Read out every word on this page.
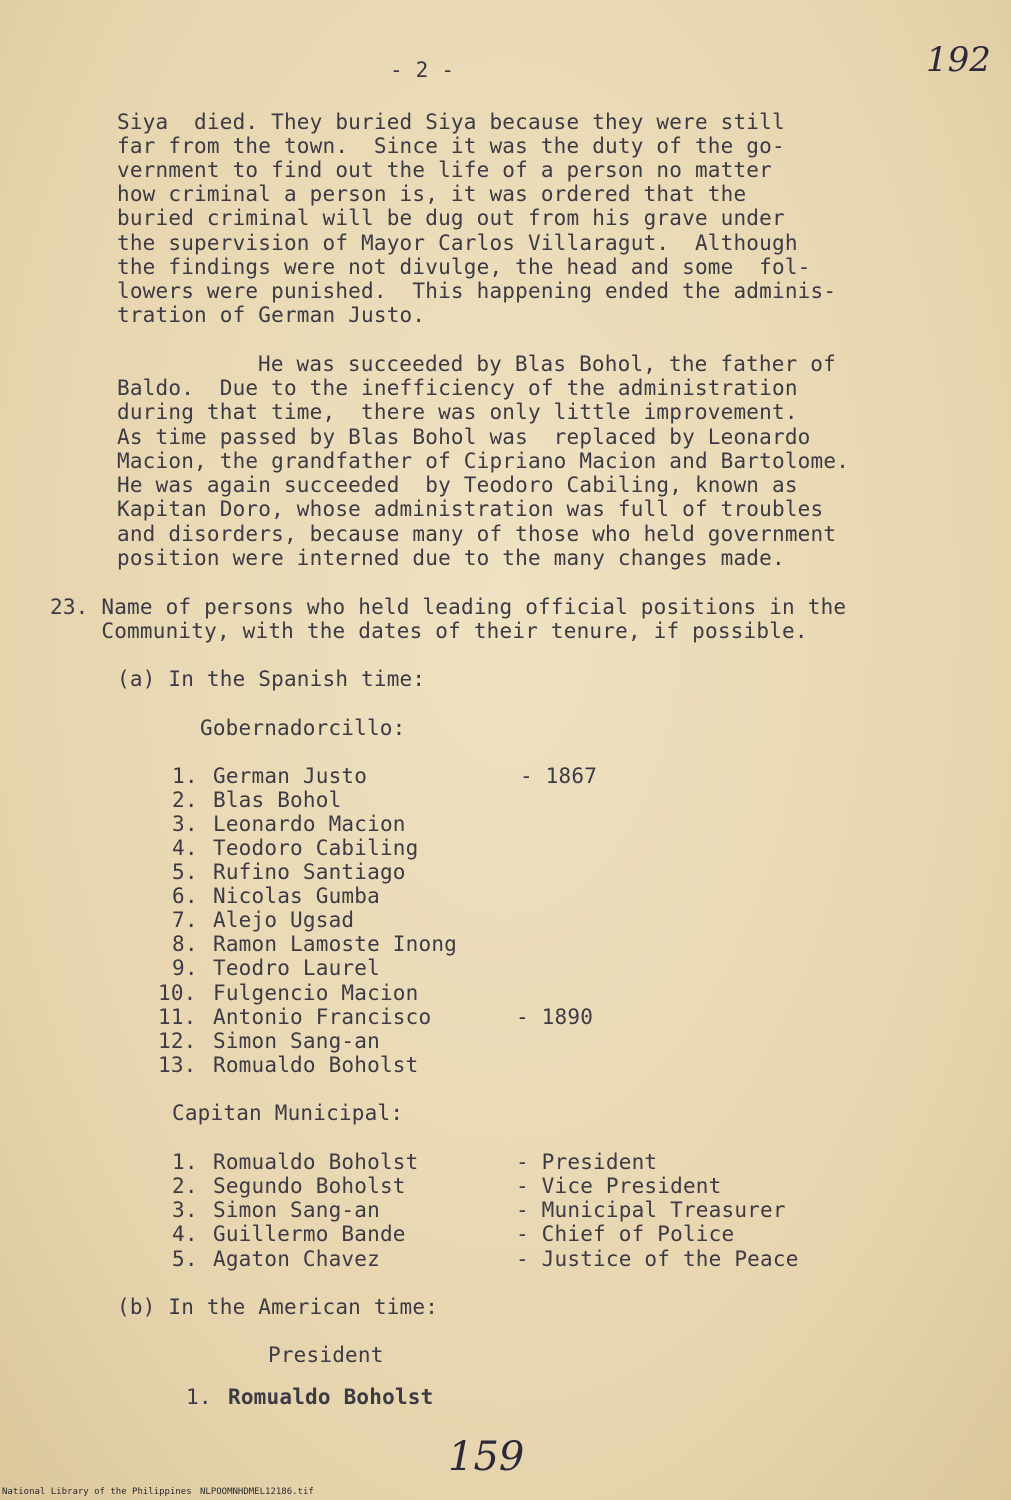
- 2 -	192
Siya  died. They buried Siya because they were still
far from the town.  Since it was the duty of the go-
vernment to find out the life of a person no matter
how criminal a person is, it was ordered that the
buried criminal will be dug out from his grave under
the supervision of Mayor Carlos Villaragut.  Although
the findings were not divulge, the head and some  fol-
lowers were punished.  This happening ended the adminis-
tration of German Justo.
He was succeeded by Blas Bohol, the father of
Baldo.  Due to the inefficiency of the administration
during that time,  there was only little improvement.
As time passed by Blas Bohol was  replaced by Leonardo
Macion, the grandfather of Cipriano Macion and Bartolome.
He was again succeeded  by Teodoro Cabiling, known as
Kapitan Doro, whose administration was full of troubles
and disorders, because many of those who held government
position were interned due to the many changes made.
23. Name of persons who held leading official positions in the
Community, with the dates of their tenure, if possible.
(a) In the Spanish time:
Gobernadorcillo:
1. German Justo	- 1867
2. Blas Bohol
3. Leonardo Macion
4. Teodoro Cabiling
5. Rufino Santiago
6. Nicolas Gumba
7. Alejo Ugsad
8. Ramon Lamoste Inong
9. Teodro Laurel
10. Fulgencio Macion
11. Antonio Francisco	- 1890
12. Simon Sang-an
13. Romualdo Boholst
Capitan Municipal:
1. Romualdo Boholst	- President
2. Segundo Boholst	- Vice President
3. Simon Sang-an	- Municipal Treasurer
4. Guillermo Bande	- Chief of Police
5. Agaton Chavez	- Justice of the Peace
(b) In the American time:
President
1. Romualdo Boholst
159
National Library of the Philippines NLPOOMNHDMEL12186.tif
